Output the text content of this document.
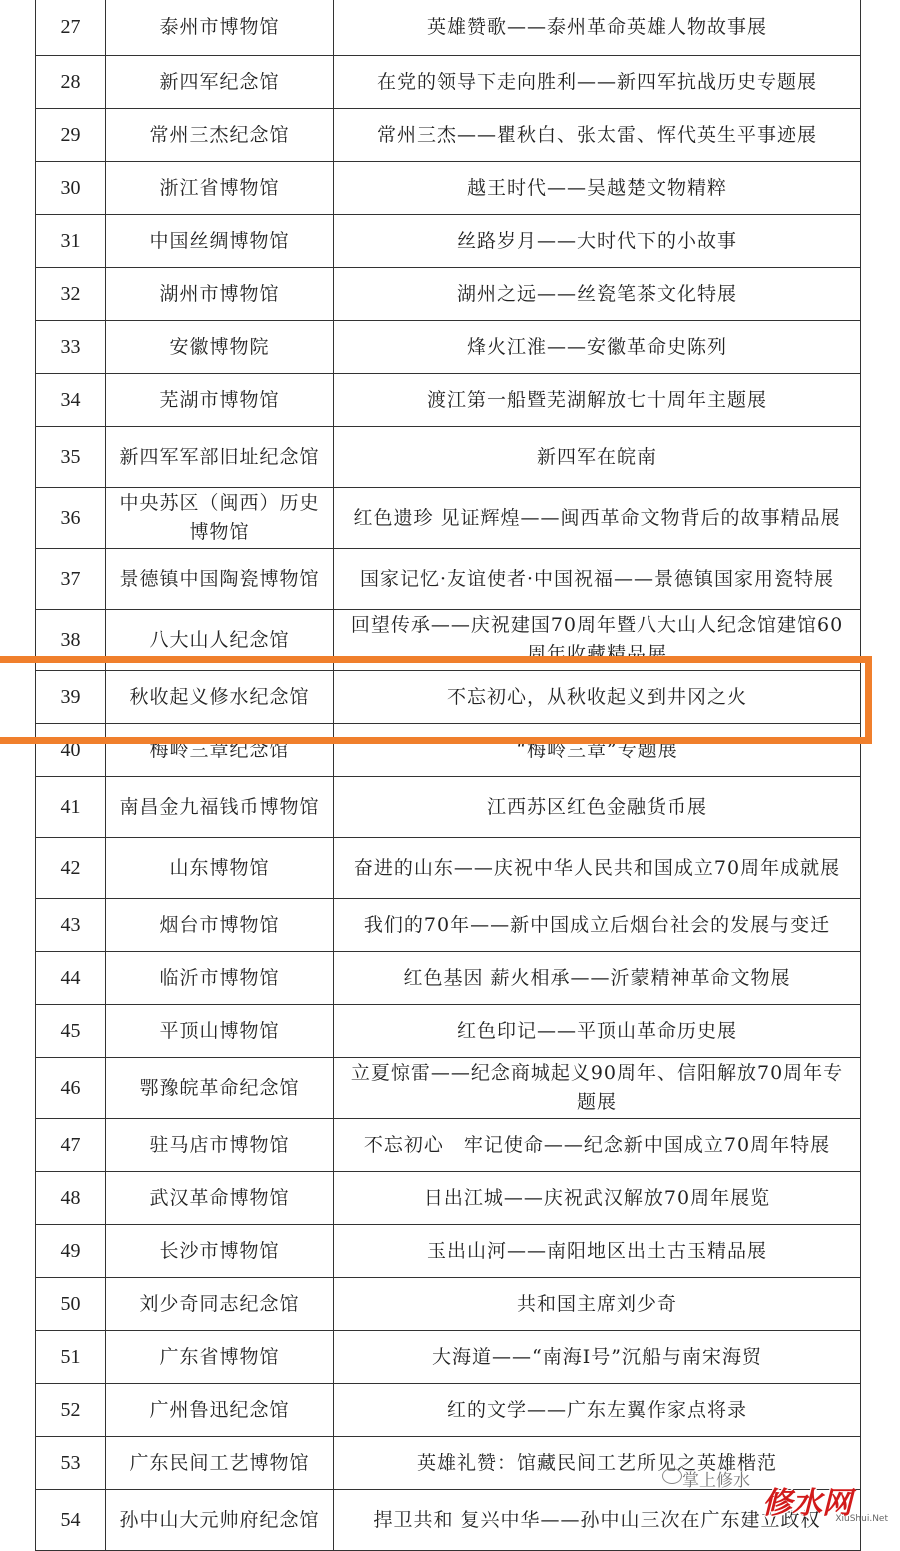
27	泰州市博物馆	英雄赞歌——泰州革命英雄人物故事展
28	新四军纪念馆	在党的领导下走向胜利——新四军抗战历史专题展
29	常州三杰纪念馆	常州三杰——瞿秋白、张太雷、恽代英生平事迹展
30	浙江省博物馆	越王时代——吴越楚文物精粹
31	中国丝绸博物馆	丝路岁月——大时代下的小故事
32	湖州市博物馆	湖州之远——丝瓷笔茶文化特展
33	安徽博物院	烽火江淮——安徽革命史陈列
34	芜湖市博物馆	渡江第一船暨芜湖解放七十周年主题展
35	新四军军部旧址纪念馆	新四军在皖南
36	中央苏区（闽西）历史博物馆	红色遗珍 见证辉煌——闽西革命文物背后的故事精品展
37	景德镇中国陶瓷博物馆	国家记忆·友谊使者·中国祝福——景德镇国家用瓷特展
38	八大山人纪念馆	回望传承——庆祝建国70周年暨八大山人纪念馆建馆60周年收藏精品展
39	秋收起义修水纪念馆	不忘初心，从秋收起义到井冈之火
40	梅岭三章纪念馆	“梅岭三章”专题展
41	南昌金九福钱币博物馆	江西苏区红色金融货币展
42	山东博物馆	奋进的山东——庆祝中华人民共和国成立70周年成就展
43	烟台市博物馆	我们的70年——新中国成立后烟台社会的发展与变迁
44	临沂市博物馆	红色基因 薪火相承——沂蒙精神革命文物展
45	平顶山博物馆	红色印记——平顶山革命历史展
46	鄂豫皖革命纪念馆	立夏惊雷——纪念商城起义90周年、信阳解放70周年专题展
47	驻马店市博物馆	不忘初心　牢记使命——纪念新中国成立70周年特展
48	武汉革命博物馆	日出江城——庆祝武汉解放70周年展览
49	长沙市博物馆	玉出山河——南阳地区出土古玉精品展
50	刘少奇同志纪念馆	共和国主席刘少奇
51	广东省博物馆	大海道——“南海Ⅰ号”沉船与南宋海贸
52	广州鲁迅纪念馆	红的文学——广东左翼作家点将录
53	广东民间工艺博物馆	英雄礼赞：馆藏民间工艺所见之英雄楷范
54	孙中山大元帅府纪念馆	捍卫共和 复兴中华——孙中山三次在广东建立政权
掌上修水
修水网
XiuShui.Net
